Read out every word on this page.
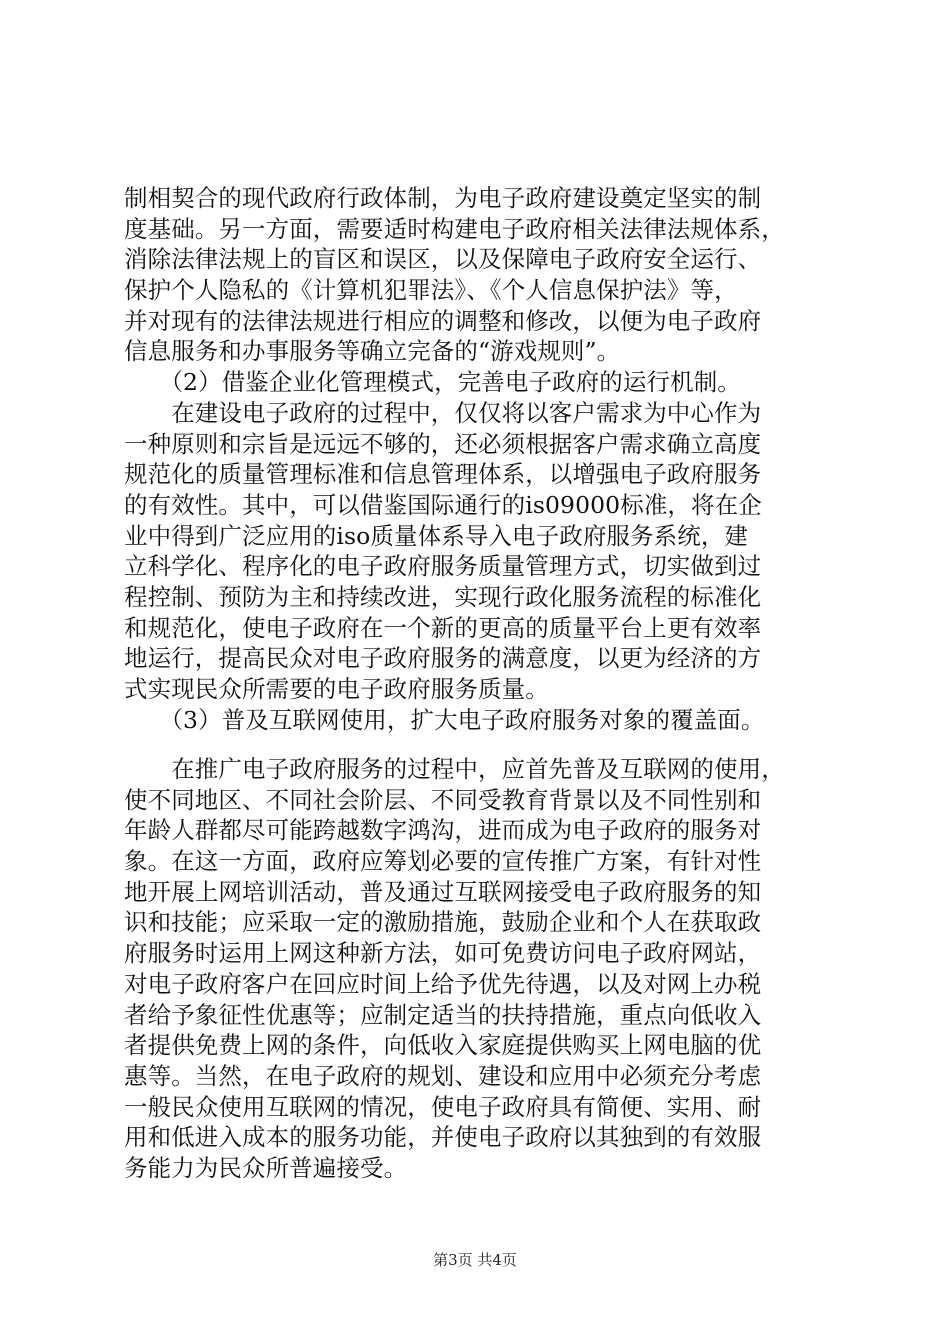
制相契合的现代政府行政体制，为电子政府建设奠定坚实的制
度基础。另一方面，需要适时构建电子政府相关法律法规体系，
消除法律法规上的盲区和误区，以及保障电子政府安全运行、
保护个人隐私的《计算机犯罪法》、《个人信息保护法》等，
并对现有的法律法规进行相应的调整和修改，以便为电子政府
信息服务和办事服务等确立完备的“游戏规则”。
　　（2）借鉴企业化管理模式，完善电子政府的运行机制。
　　在建设电子政府的过程中，仅仅将以客户需求为中心作为
一种原则和宗旨是远远不够的，还必须根据客户需求确立高度
规范化的质量管理标准和信息管理体系，以增强电子政府服务
的有效性。其中，可以借鉴国际通行的is09000标准，将在企
业中得到广泛应用的iso质量体系导入电子政府服务系统，建
立科学化、程序化的电子政府服务质量管理方式，切实做到过
程控制、预防为主和持续改进，实现行政化服务流程的标准化
和规范化，使电子政府在一个新的更高的质量平台上更有效率
地运行，提高民众对电子政府服务的满意度，以更为经济的方
式实现民众所需要的电子政府服务质量。
　　（3）普及互联网使用，扩大电子政府服务对象的覆盖面。
　　在推广电子政府服务的过程中，应首先普及互联网的使用，
使不同地区、不同社会阶层、不同受教育背景以及不同性别和
年龄人群都尽可能跨越数字鸿沟，进而成为电子政府的服务对
象。在这一方面，政府应筹划必要的宣传推广方案，有针对性
地开展上网培训活动，普及通过互联网接受电子政府服务的知
识和技能；应采取一定的激励措施，鼓励企业和个人在获取政
府服务时运用上网这种新方法，如可免费访问电子政府网站，
对电子政府客户在回应时间上给予优先待遇，以及对网上办税
者给予象征性优惠等；应制定适当的扶持措施，重点向低收入
者提供免费上网的条件，向低收入家庭提供购买上网电脑的优
惠等。当然，在电子政府的规划、建设和应用中必须充分考虑
一般民众使用互联网的情况，使电子政府具有简便、实用、耐
用和低进入成本的服务功能，并使电子政府以其独到的有效服
务能力为民众所普遍接受。
第3页 共4页
